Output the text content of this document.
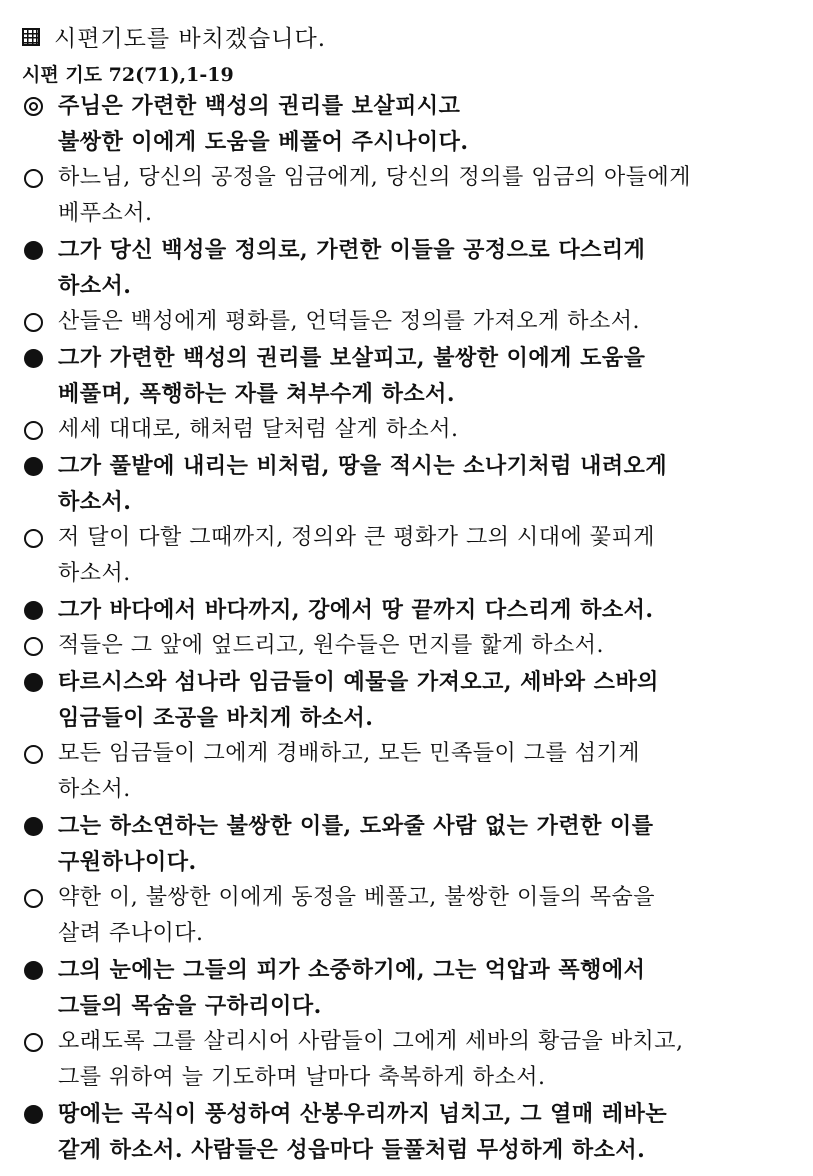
시편기도를 바치겠습니다.
시편 기도 72(71),1-19
주님은 가련한 백성의 권리를 보살피시고
불쌍한 이에게 도움을 베풀어 주시나이다.
하느님, 당신의 공정을 임금에게, 당신의 정의를 임금의 아들에게
베푸소서.
그가 당신 백성을 정의로, 가련한 이들을 공정으로 다스리게
하소서.
산들은 백성에게 평화를, 언덕들은 정의를 가져오게 하소서.
그가 가련한 백성의 권리를 보살피고, 불쌍한 이에게 도움을
베풀며, 폭행하는 자를 쳐부수게 하소서.
세세 대대로, 해처럼 달처럼 살게 하소서.
그가 풀밭에 내리는 비처럼, 땅을 적시는 소나기처럼 내려오게
하소서.
저 달이 다할 그때까지, 정의와 큰 평화가 그의 시대에 꽃피게
하소서.
그가 바다에서 바다까지, 강에서 땅 끝까지 다스리게 하소서.
적들은 그 앞에 엎드리고, 원수들은 먼지를 핥게 하소서.
타르시스와 섬나라 임금들이 예물을 가져오고, 세바와 스바의
임금들이 조공을 바치게 하소서.
모든 임금들이 그에게 경배하고, 모든 민족들이 그를 섬기게
하소서.
그는 하소연하는 불쌍한 이를, 도와줄 사람 없는 가련한 이를
구원하나이다.
약한 이, 불쌍한 이에게 동정을 베풀고, 불쌍한 이들의 목숨을
살려 주나이다.
그의 눈에는 그들의 피가 소중하기에, 그는 억압과 폭행에서
그들의 목숨을 구하리이다.
오래도록 그를 살리시어 사람들이 그에게 세바의 황금을 바치고,
그를 위하여 늘 기도하며 날마다 축복하게 하소서.
땅에는 곡식이 풍성하여 산봉우리까지 넘치고, 그 열매 레바논
같게 하소서. 사람들은 성읍마다 들풀처럼 무성하게 하소서.
